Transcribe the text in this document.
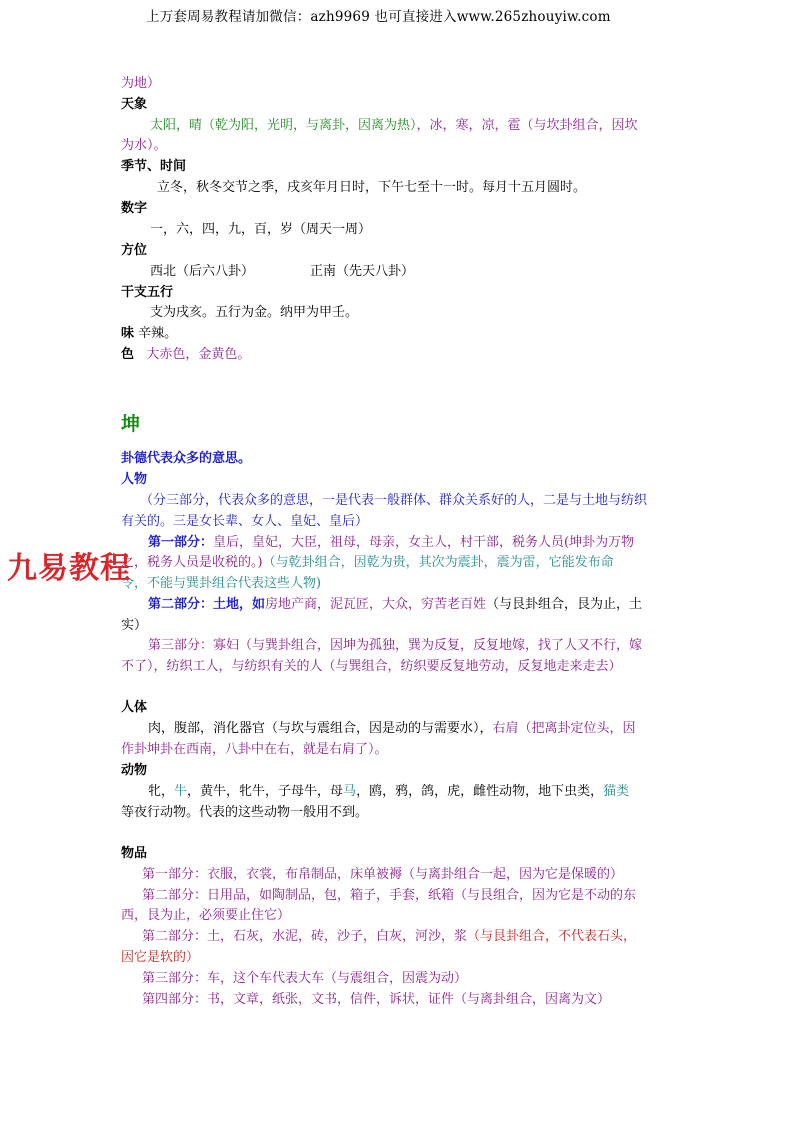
上万套周易教程请加微信：azh9969 也可直接进入www.265zhouyiw.com
为地）
天象
太阳，晴（乾为阳，光明，与离卦，因离为热），冰，寒，凉，雹（与坎卦组合，因坎
为水）。
季节、时间
立冬，秋冬交节之季，戌亥年月日时，下午七至十一时。每月十五月圆时。
数字
一，六，四，九，百，岁（周天一周）
方位
西北（后六八卦）	正南（先天八卦）
干支五行
支为戌亥。五行为金。纳甲为甲壬。
味 辛辣。
色 大赤色，金黄色。
坤
卦德代表众多的意思。
人物
（分三部分，代表众多的意思，一是代表一般群体、群众关系好的人，二是与土地与纺织
有关的。三是女长辈、女人、皇妃、皇后）
第一部分：皇后，皇妃，大臣，祖母，母亲，女主人，村干部，税务人员(坤卦为万物
之，税务人员是收税的。)（与乾卦组合，因乾为贵，其次为震卦，震为雷，它能发布命
令，不能与巽卦组合代表这些人物)
第二部分：土地，如房地产商，泥瓦匠，大众，穷苦老百姓（与艮卦组合，艮为止，土
实）
第三部分：寡妇（与巽卦组合，因坤为孤独，巽为反复，反复地嫁，找了人又不行，嫁
不了），纺织工人，与纺织有关的人（与巽组合，纺织要反复地劳动，反复地走来走去）
人体
肉，腹部，消化器官（与坎与震组合，因是动的与需要水），右肩（把离卦定位头，因
作卦坤卦在西南，八卦中在右，就是右肩了）。
动物
牝，牛，黄牛，牝牛，子母牛，母马，鸥，鸦，鸽，虎，雌性动物，地下虫类，猫类
等夜行动物。代表的这些动物一般用不到。
物品
第一部分：衣服，衣裳，布帛制品，床单被褥（与离卦组合一起，因为它是保暖的）
第二部分：日用品，如陶制品，包，箱子，手套，纸箱（与艮组合，因为它是不动的东
西，艮为止，必须要止住它）
第二部分：土，石灰，水泥，砖，沙子，白灰，河沙，浆（与艮卦组合，不代表石头，
因它是软的）
第三部分：车，这个车代表大车（与震组合，因震为动）
第四部分：书，文章，纸张，文书，信件，诉状，证件（与离卦组合，因离为文）
九易教程
